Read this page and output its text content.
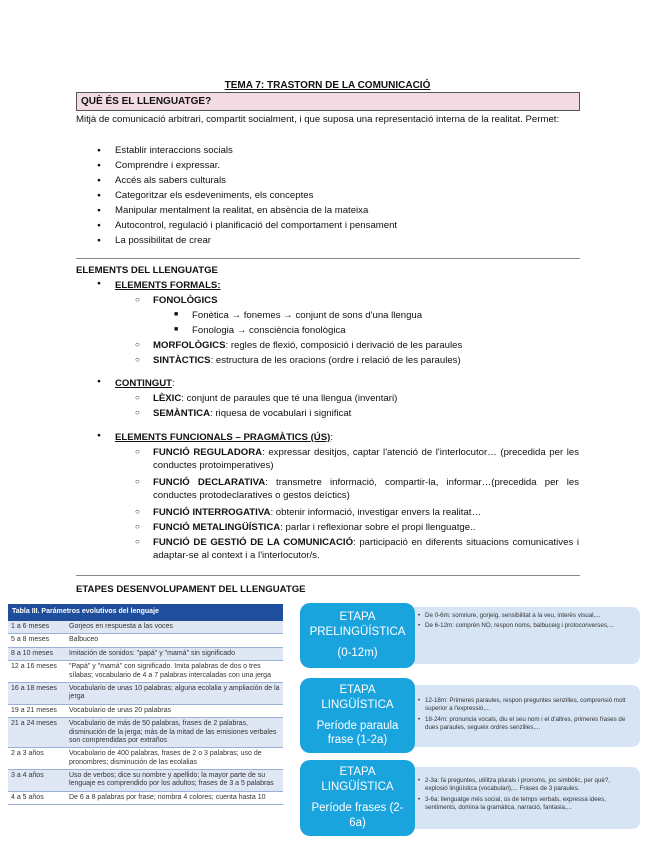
TEMA 7: TRASTORN DE LA COMUNICACIÓ
QUÈ ÉS EL LLENGUATGE?

Mitjà de comunicació arbitrari, compartit socialment, i que suposa una representació interna de la realitat. Permet:

● Establir interaccions socials
● Comprendre i expressar.
● Accés als sabers culturals
● Categoritzar els esdeveniments, els conceptes
● Manipular mentalment la realitat, en absència de la mateixa
● Autocontrol, regulació i planificació del comportament i pensament
● La possibilitat de crear
ELEMENTS DEL LLENGUATGE
● ELEMENTS FORMALS:
○ FONOLÒGICS
■ Fonètica → fonemes → conjunt de sons d'una llengua
■ Fonologia → consciència fonològica
○ MORFOLÒGICS: regles de flexió, composició i derivació de les paraules
○ SINTÀCTICS: estructura de les oracions (ordre i relació de les paraules)
● CONTINGUT:
○ LÈXIC: conjunt de paraules que té una llengua (inventari)
○ SEMÀNTICA: riquesa de vocabulari i significat
● ELEMENTS FUNCIONALS – PRAGMÀTICS (ÚS):
○ FUNCIÓ REGULADORA: expressar desitjos, captar l'atenció de l'interlocutor… (precedida per les conductes protoimperatives)
○ FUNCIÓ DECLARATIVA: transmetre informació, compartir-la, informar…(precedida per les conductes protodeclaratives o gestos deíctics)
○ FUNCIÓ INTERROGATIVA: obtenir informació, investigar envers la realitat…
○ FUNCIÓ METALINGÜÍSTICA: parlar i reflexionar sobre el propi llenguatge..
○ FUNCIÓ DE GESTIÓ DE LA COMUNICACIÓ: participació en diferents situacions comunicatives i adaptar-se al context i a l'interlocutor/s.
ETAPES DESENVOLUPAMENT DEL LLENGUATGE
Tabla III. Parámetros evolutivos del lenguaje	
1 a 6 meses	Gorjeos en respuesta a las voces
5 a 8 meses	Balbuceo
8 a 10 meses	Imitación de sonidos: "papá" y "mamá" sin significado
12 a 16 meses	"Papá" y "mamá" con significado. Imita palabras de dos o tres sílabas; vocabulario de 4 a 7 palabras intercaladas con una jerga
16 a 18 meses	Vocabulario de unas 10 palabras; alguna ecolalia y ampliación de la jerga
19 a 21 meses	Vocabulario de unas 20 palabras
21 a 24 meses	Vocabulario de más de 50 palabras, frases de 2 palabras, disminución de la jerga; más de la mitad de las emisiones verbales son comprendidas por extraños
2 a 3 años	Vocabulario de 400 palabras, frases de 2 o 3 palabras; uso de pronombres; disminución de las ecolalias
3 a 4 años	Uso de verbos; dice su nombre y apellido; la mayor parte de su lenguaje es comprendido por los adultos; frases de 3 a 5 palabras
4 a 5 años	De 6 a 8 palabras por frase; nombra 4 colores; cuenta hasta 10
• De 0-6m: somriure, gorjeig, sensibilitat a la veu, interès visual,...
• De 6-12m: comprèn NO, respon noms, balbuceig i protoconverses,...
ETAPA PRELINGÜÍSTICA
(0-12m)
• 12-18m: Primeres paraules, respon preguntes senzilles, comprensió molt superior a l'expressió,...
• 18-24m: pronuncia vocals, diu el seu nom i el d'altres, primeres frases de dues paraules, segueix ordres senzilles,...
ETAPA LINGÜÍSTICA
Període paraula frase (1-2a)
• 2-3a: fa preguntes, utilitza plurals i pronoms, joc simbòlic, per què?, explosió lingüística (vocabulari),... Frases de 3 paraules.
• 3-6a: llenguatge més social, ús de temps verbals, expressa idees, sentiments, domina la gramàtica, narració, fantasia,...
ETAPA LINGÜÍSTICA
Període frases (2-6a)
